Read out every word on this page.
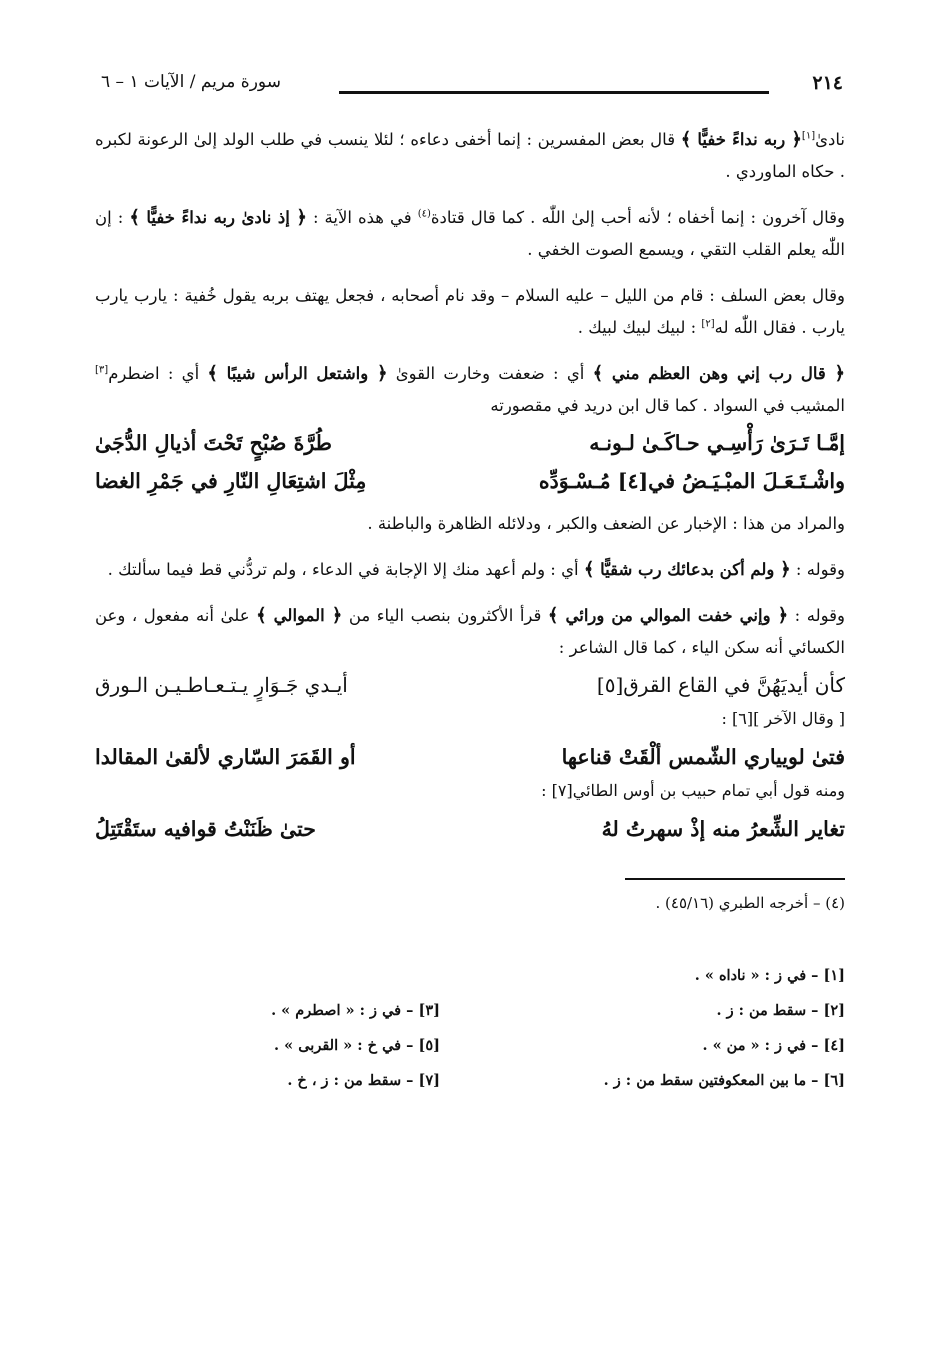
٢١٤
سورة مريم / الآيات ١ – ٦

نادىٰ[١]﴿ ربه نداءً خفيًّا ﴾ قال بعض المفسرين : إنما أخفى دعاءه ؛ لئلا ينسب في طلب الولد إلىٰ الرعونة لكبره . حكاه الماوردي .

وقال آخرون : إنما أخفاه ؛ لأنه أحب إلىٰ اللّٰه . كما قال قتادة$^{(٤)}$ في هذه الآية : ﴿ إذ نادىٰ ربه نداءً خفيًّا ﴾ : إن اللّٰه يعلم القلب التقي ، ويسمع الصوت الخفي .

وقال بعض السلف : قام من الليل – عليه السلام – وقد نام أصحابه ، فجعل يهتف بربه يقول خُفية : يارب يارب يارب . فقال اللّٰه له[٢] : لبيك لبيك لبيك .

﴿ قال رب إني وهن العظم مني ﴾ أي : ضعفت وخارت القوىٰ ﴿ واشتعل الرأس شيبًا ﴾ أي : اضطرم[٣] المشيب في السواد . كما قال ابن دريد في مقصورته

إمَّـا تَـرَىٰ رَأْسِـي حـاكَـىٰ لـونـه
طُرَّةَ صُبْحٍ تَحْتَ أذيالِ الدُّجَىٰ
واشْـتَـعَـلَ المبْـيَـضُ في[٤] مُـسْـوَدِّه
مِثْلَ اشتِعَالِ النّارِ في جَمْرِ الغضا

والمراد من هذا : الإخبار عن الضعف والكبر ، ودلائله الظاهرة والباطنة .

وقوله : ﴿ ولم أكن بدعائك رب شقيًّا ﴾ أي : ولم أعهد منك إلا الإجابة في الدعاء ، ولم تردُّني قط فيما سألتك .

وقوله : ﴿ وإني خفت الموالي من ورائي ﴾ قرأ الأكثرون بنصب الياء من ﴿ الموالي ﴾ علىٰ أنه مفعول ، وعن الكسائي أنه سكن الياء ، كما قال الشاعر :

كأن أيديَهُنَّ في القاع القرق[٥]
أيـدي جَـوَارٍ يـتـعـاطـيـن الـورق

[ وقال الآخر ][٦] :

فتىٰ لويياري الشّمس ألْقَتْ قناعها
أو القَمَرَ السّاري لألقىٰ المقالدا

ومنه قول أبي تمام حبيب بن أوس الطائي[٧] :

تغاير الشِّعرُ منه إذْ سهرتُ لهُ
حتىٰ ظَنَنْتُ قوافيه ستَقْتَتِلُ

(٤) – أخرجه الطبري (٤٥/١٦) .

[١] – في ز : « ناداه » .
[٢] – سقط من : ز .
[٣] – في ز : « اصطرم » .
[٤] – في ز : « من » .
[٥] – في خ : « القربى » .
[٦] – ما بين المعكوفتين سقط من : ز .
[٧] – سقط من : ز ، خ .
